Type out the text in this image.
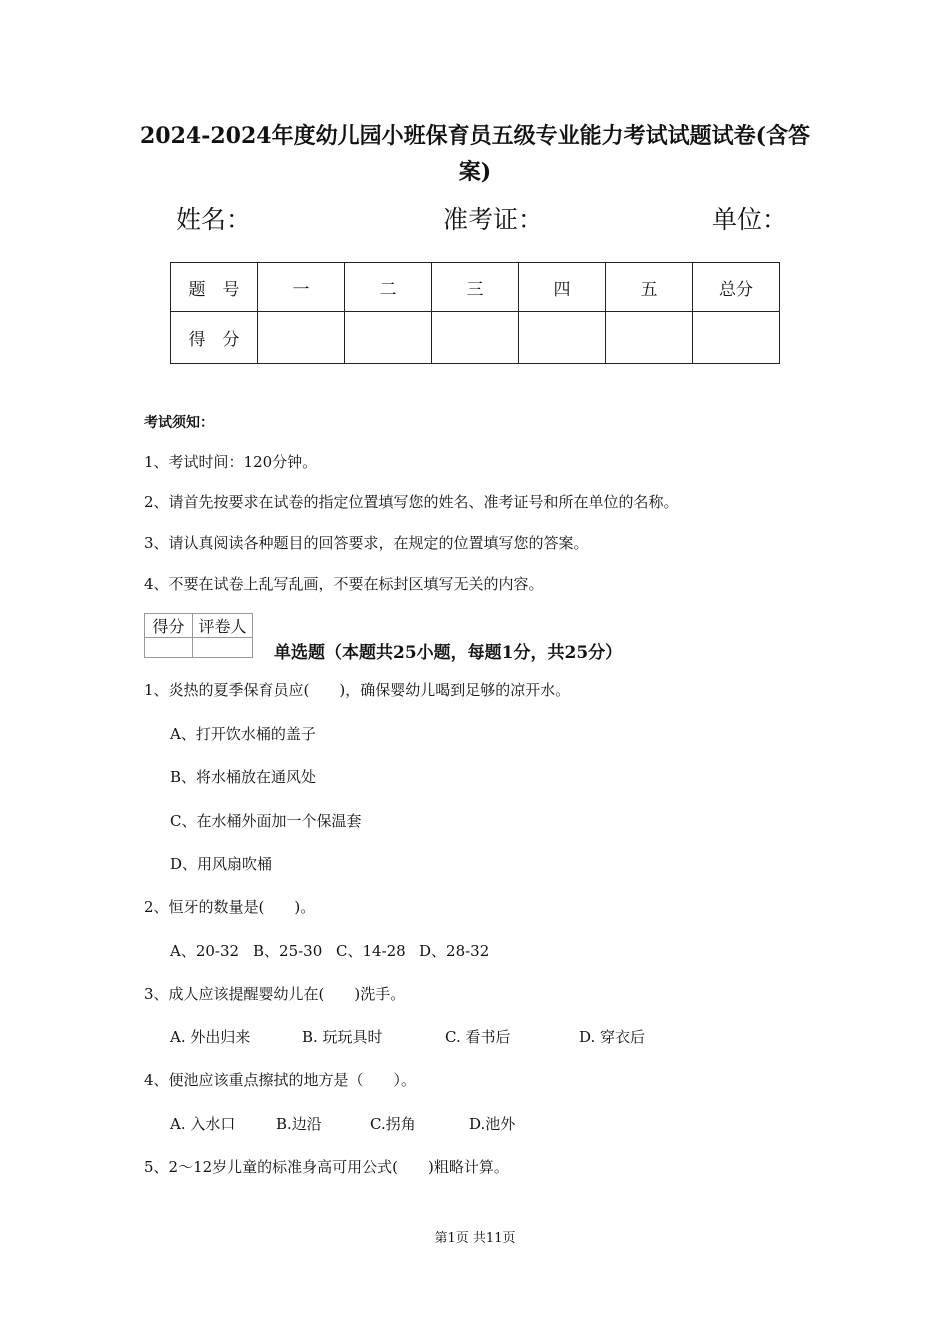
2024-2024年度幼儿园小班保育员五级专业能力考试试题试卷(含答案)
姓名：	准考证：	单位：
题　号	一	二	三	四	五	总分
得　分						
考试须知：
1、考试时间：120分钟。
2、请首先按要求在试卷的指定位置填写您的姓名、准考证号和所在单位的名称。
3、请认真阅读各种题目的回答要求，在规定的位置填写您的答案。
4、不要在试卷上乱写乱画，不要在标封区填写无关的内容。
得分	评卷人

单选题（本题共25小题，每题1分，共25分）
1、炎热的夏季保育员应(　　)，确保婴幼儿喝到足够的凉开水。
A、打开饮水桶的盖子
B、将水桶放在通风处
C、在水桶外面加一个保温套
D、用风扇吹桶
2、恒牙的数量是(　　)。
A、20-32 B、25-30 C、14-28 D、28-32
3、成人应该提醒婴幼儿在(　　)洗手。
A. 外出归来	B. 玩玩具时	C. 看书后	D. 穿衣后
4、便池应该重点擦拭的地方是（　　）。
A. 入水口	B.边沿	C.拐角	D.池外
5、2～12岁儿童的标准身高可用公式(　　)粗略计算。
第1页 共11页
